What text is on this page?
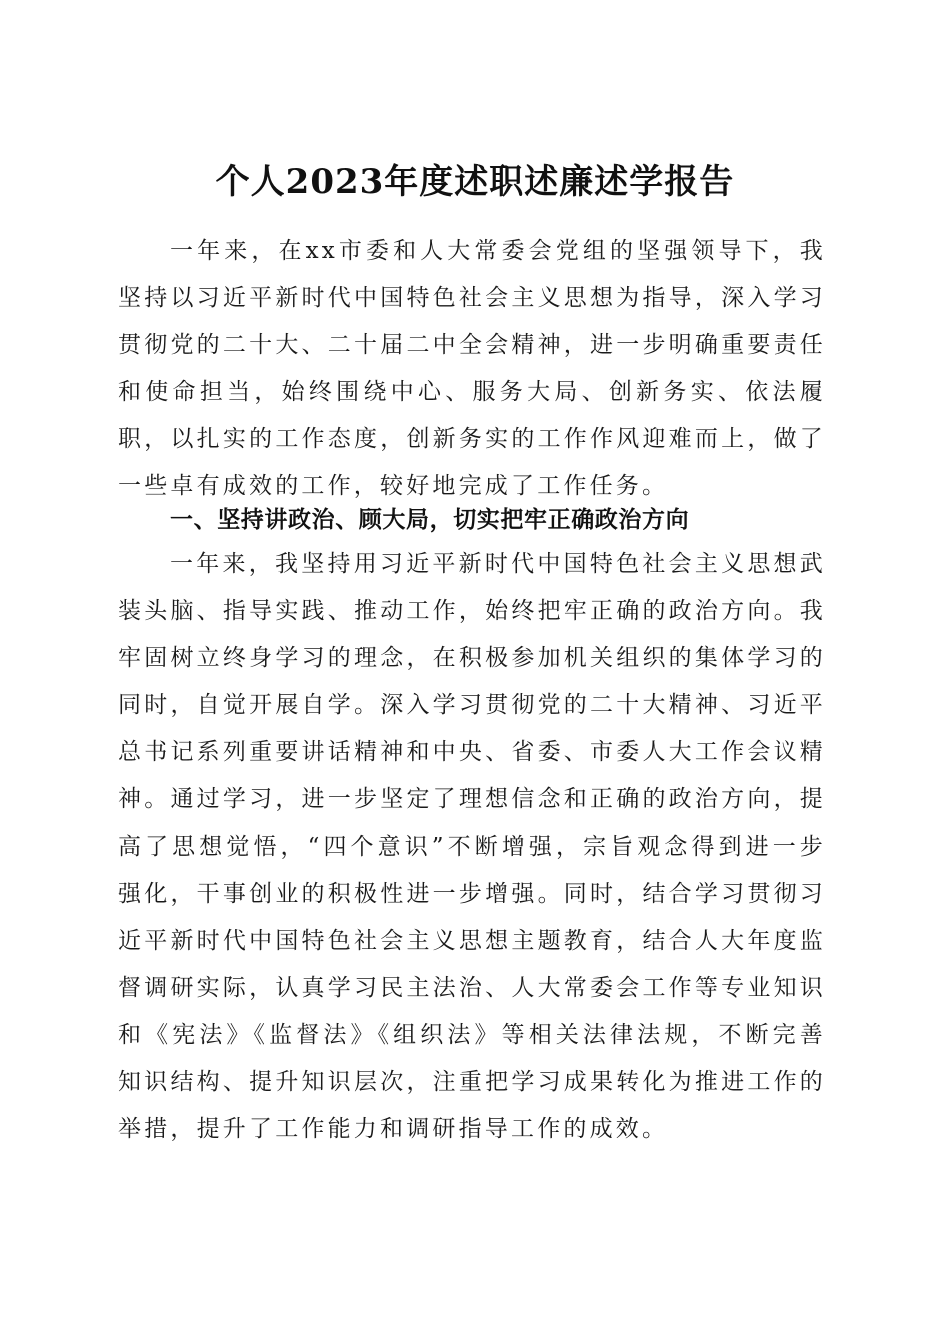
个人2023年度述职述廉述学报告

一年来，在xx市委和人大常委会党组的坚强领导下，我坚持以习近平新时代中国特色社会主义思想为指导，深入学习贯彻党的二十大、二十届二中全会精神，进一步明确重要责任和使命担当，始终围绕中心、服务大局、创新务实、依法履职，以扎实的工作态度，创新务实的工作作风迎难而上，做了一些卓有成效的工作，较好地完成了工作任务。

一、坚持讲政治、顾大局，切实把牢正确政治方向

一年来，我坚持用习近平新时代中国特色社会主义思想武装头脑、指导实践、推动工作，始终把牢正确的政治方向。我牢固树立终身学习的理念，在积极参加机关组织的集体学习的同时，自觉开展自学。深入学习贯彻党的二十大精神、习近平总书记系列重要讲话精神和中央、省委、市委人大工作会议精神。通过学习，进一步坚定了理想信念和正确的政治方向，提高了思想觉悟，“四个意识”不断增强，宗旨观念得到进一步强化，干事创业的积极性进一步增强。同时，结合学习贯彻习近平新时代中国特色社会主义思想主题教育，结合人大年度监督调研实际，认真学习民主法治、人大常委会工作等专业知识和《宪法》《监督法》《组织法》等相关法律法规，不断完善知识结构、提升知识层次，注重把学习成果转化为推进工作的举措，提升了工作能力和调研指导工作的成效。
